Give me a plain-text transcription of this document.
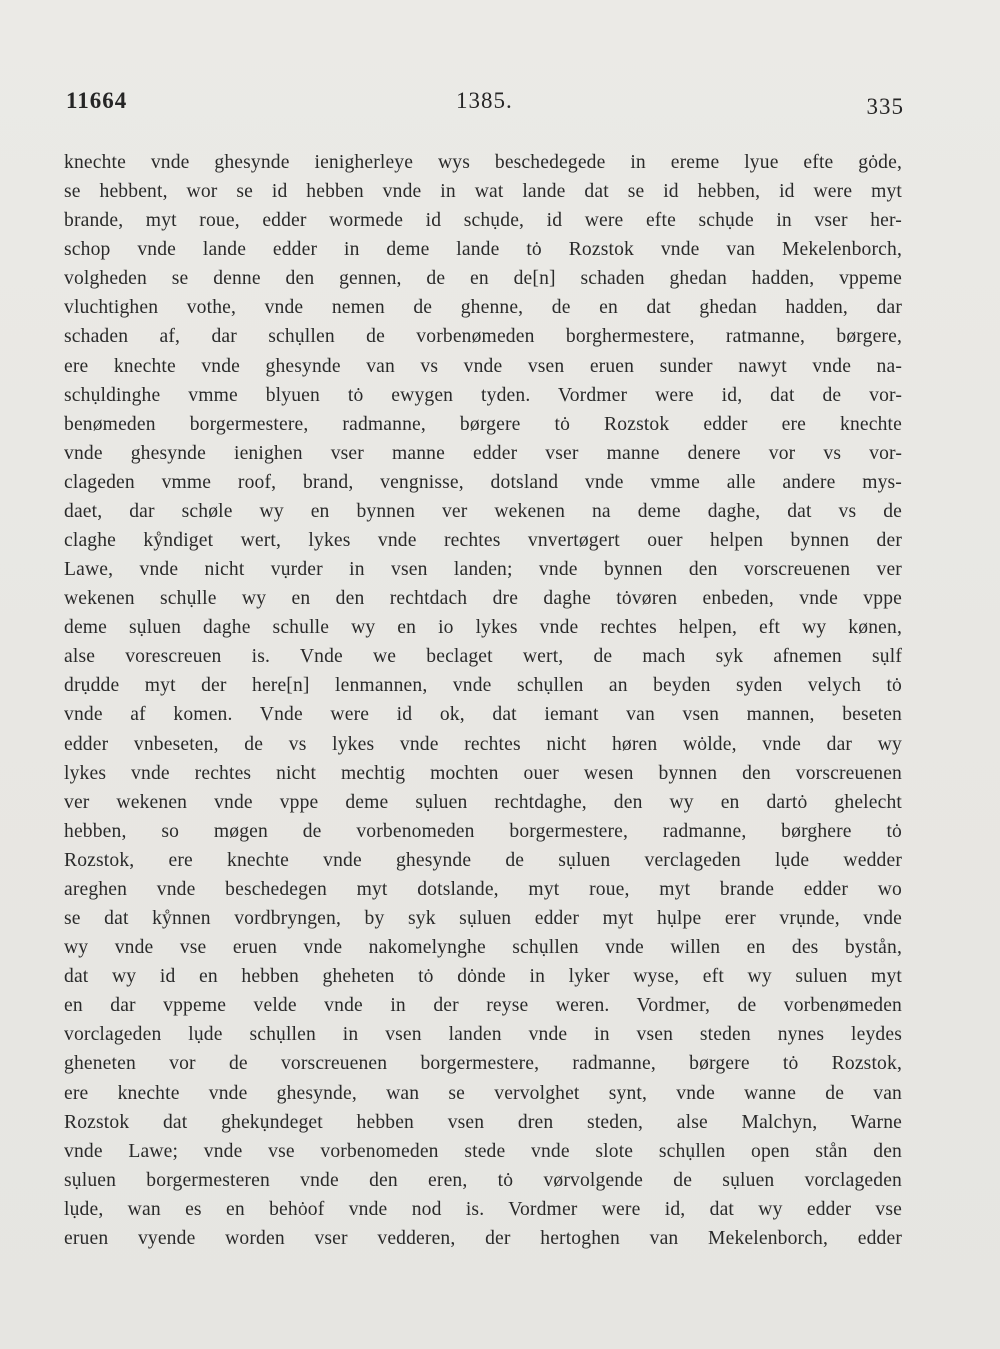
11664	1385.	335
knechte vnde ghesynde ienigherleye wys beschedegede in ereme lyue efte gȯde,
se hebbent, wor se id hebben vnde in wat lande dat se id hebben, id were myt
brande, myt roue, edder wormede id schụde, id were efte schụde in vser her-
schop vnde lande edder in deme lande tȯ Rozstok vnde van Mekelenborch,
volgheden se denne den gennen, de en de[n] schaden ghedan hadden, vppeme
vluchtighen vothe, vnde nemen de ghenne, de en dat ghedan hadden, dar
schaden af, dar schụllen de vorbenømeden borghermestere, ratmanne, børgere,
ere knechte vnde ghesynde van vs vnde vsen eruen sunder nawyt vnde na-
schụldinghe vmme blyuen tȯ ewygen tyden. Vordmer were id, dat de vor-
benømeden borgermestere, radmanne, børgere tȯ Rozstok edder ere knechte
vnde ghesynde ienighen vser manne edder vser manne denere vor vs vor-
clageden vmme roof, brand, vengnisse, dotsland vnde vmme alle andere mys-
daet, dar schøle wy en bynnen ver wekenen na deme daghe, dat vs de
claghe kẙndiget wert, lykes vnde rechtes vnvertøgert ouer helpen bynnen der
Lawe, vnde nicht vụrder in vsen landen; vnde bynnen den vorscreuenen ver
wekenen schụlle wy en den rechtdach dre daghe tȯvøren enbeden, vnde vppe
deme sụluen daghe schulle wy en io lykes vnde rechtes helpen, eft wy kønen,
alse vorescreuen is. Vnde we beclaget wert, de mach syk afnemen sụlf
drụdde myt der here[n] lenmannen, vnde schụllen an beyden syden velych tȯ
vnde af komen. Vnde were id ok, dat iemant van vsen mannen, beseten
edder vnbeseten, de vs lykes vnde rechtes nicht høren wȯlde, vnde dar wy
lykes vnde rechtes nicht mechtig mochten ouer wesen bynnen den vorscreuenen
ver wekenen vnde vppe deme sụluen rechtdaghe, den wy en dartȯ ghelecht
hebben, so møgen de vorbenomeden borgermestere, radmanne, børghere tȯ
Rozstok, ere knechte vnde ghesynde de sụluen verclageden lụde wedder
areghen vnde beschedegen myt dotslande, myt roue, myt brande edder wo
se dat kẙnnen vordbryngen, by syk sụluen edder myt hụlpe erer vrụnde, vnde
wy vnde vse eruen vnde nakomelynghe schụllen vnde willen en des bystån,
dat wy id en hebben gheheten tȯ dȯnde in lyker wyse, eft wy suluen myt
en dar vppeme velde vnde in der reyse weren. Vordmer, de vorbenømeden
vorclageden lụde schụllen in vsen landen vnde in vsen steden nynes leydes
gheneten vor de vorscreuenen borgermestere, radmanne, børgere tȯ Rozstok,
ere knechte vnde ghesynde, wan se vervolghet synt, vnde wanne de van
Rozstok dat ghekụndeget hebben vsen dren steden, alse Malchyn, Warne
vnde Lawe; vnde vse vorbenomeden stede vnde slote schụllen open stån den
sụluen borgermesteren vnde den eren, tȯ vørvolgende de sụluen vorclageden
lụde, wan es en behȯof vnde nod is. Vordmer were id, dat wy edder vse
eruen vyende worden vser vedderen, der hertoghen van Mekelenborch, edder
